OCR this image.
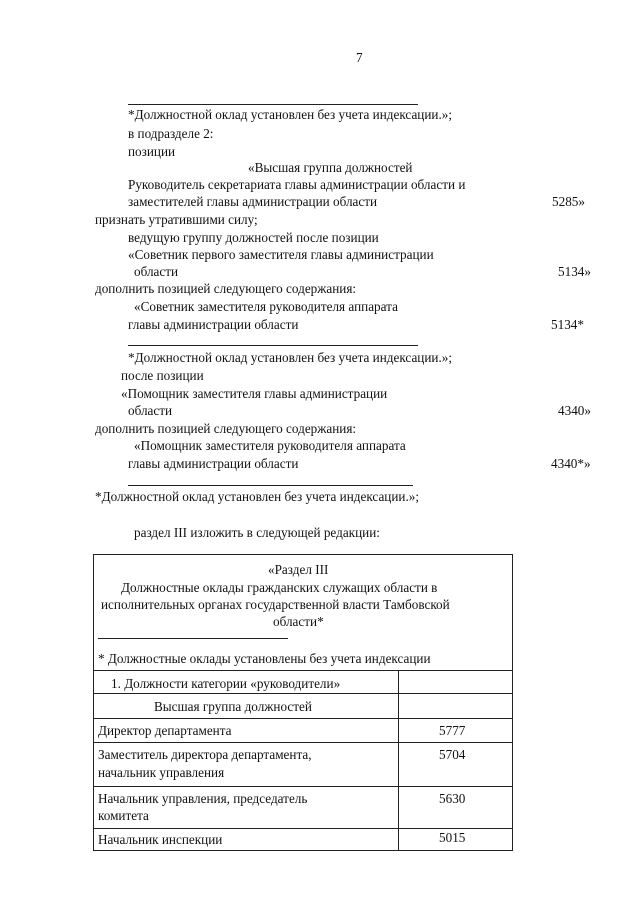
7
*Должностной оклад установлен без учета индексации.»;
в подразделе 2:
позиции
«Высшая группа должностей
Руководитель секретариата главы администрации области и
заместителей главы администрации области	5285»
признать утратившими силу;
ведущую группу должностей после позиции
«Советник первого заместителя главы администрации
области	5134»
дополнить позицией следующего содержания:
«Советник заместителя руководителя аппарата
главы администрации области	5134*
*Должностной оклад установлен без учета индексации.»;
после позиции
«Помощник заместителя главы администрации
области	4340»
дополнить позицией следующего содержания:
«Помощник заместителя руководителя аппарата
главы администрации области	4340*»
*Должностной оклад установлен без учета индексации.»;
раздел III изложить в следующей редакции:
«Раздел III
Должностные оклады гражданских служащих области в
исполнительных органах государственной власти Тамбовской
области*
* Должностные оклады установлены без учета индексации
1. Должности категории «руководители»
Высшая группа должностей
Директор департамента	5777
Заместитель директора департамента,
начальник управления
5704
Начальник управления, председатель
комитета
5630
Начальник инспекции	5015
